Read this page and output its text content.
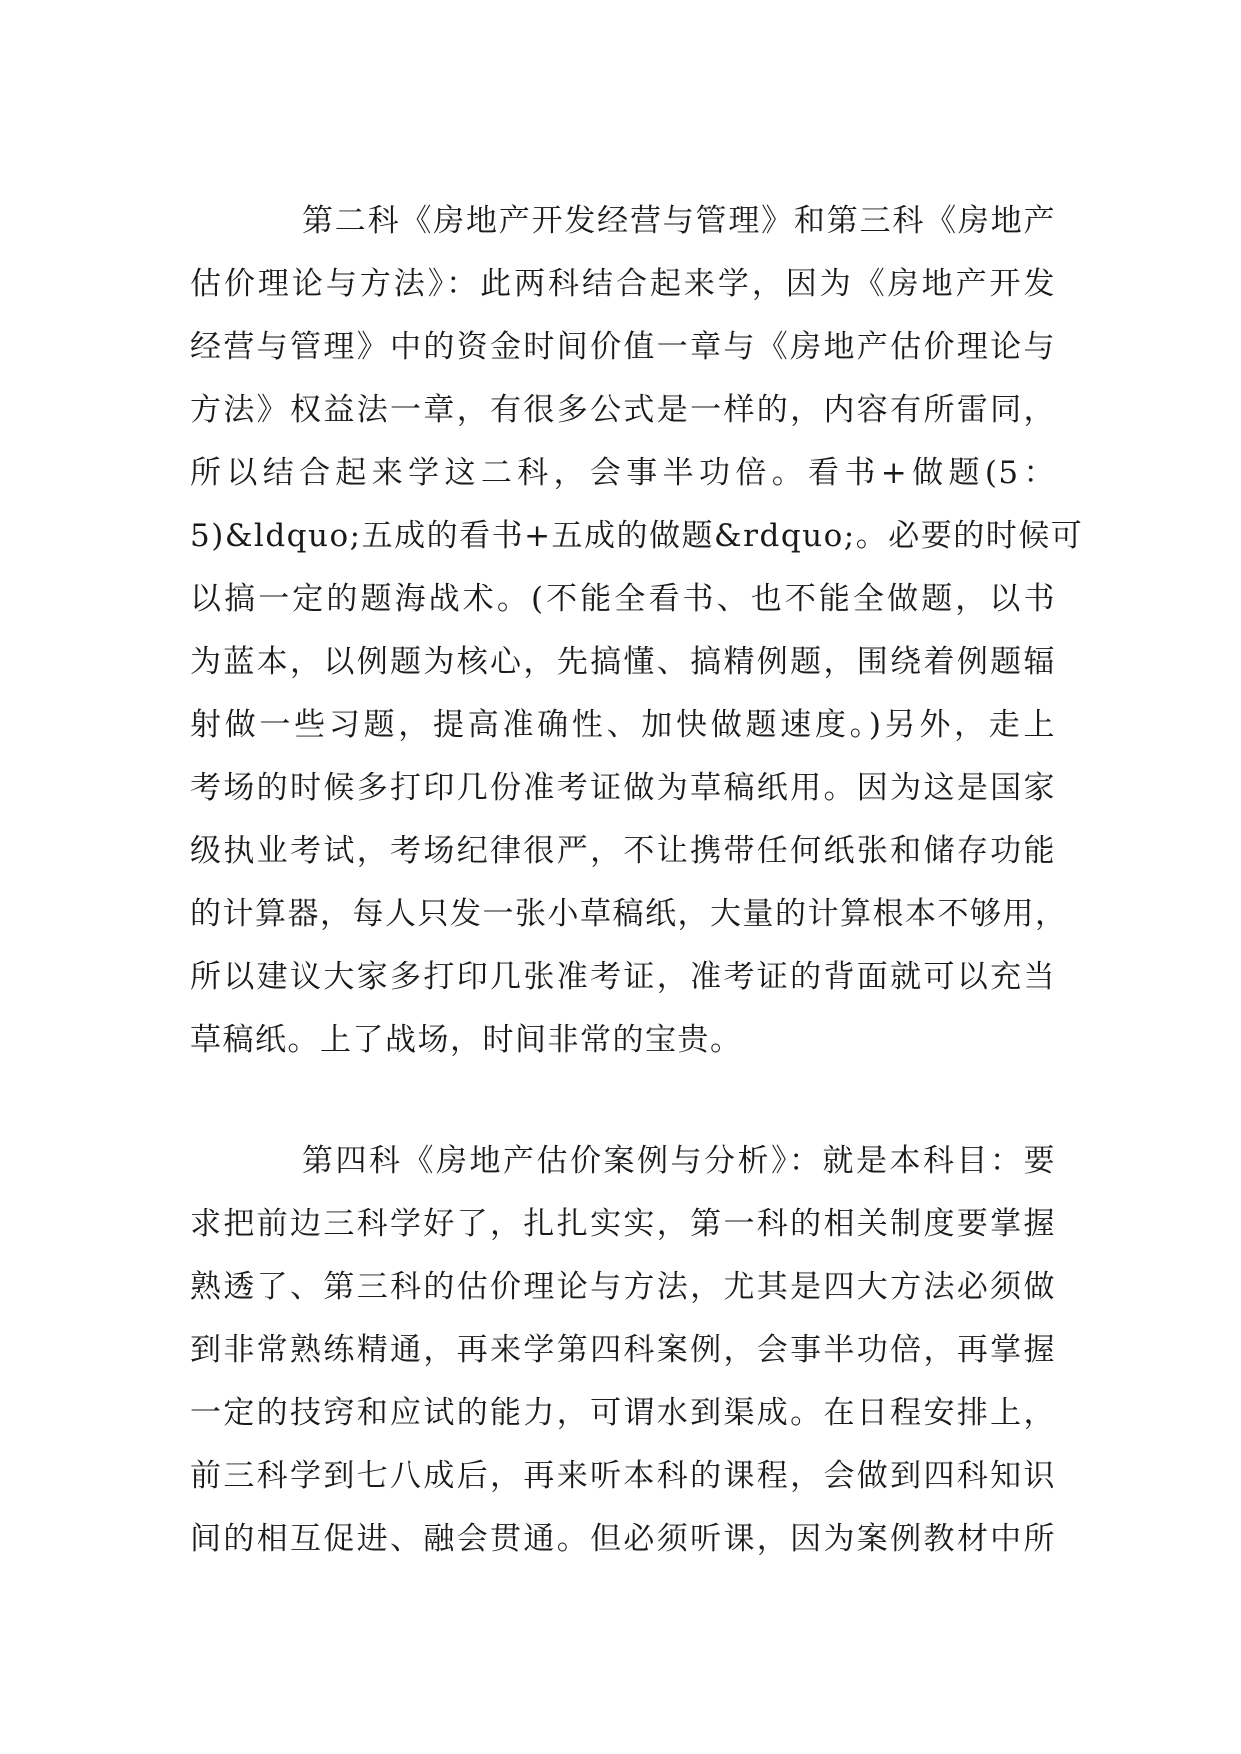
第二科《房地产开发经营与管理》和第三科《房地产
估价理论与方法》：此两科结合起来学，因为《房地产开发
经营与管理》中的资金时间价值一章与《房地产估价理论与
方法》权益法一章，有很多公式是一样的，内容有所雷同，
所以结合起来学这二科，会事半功倍。看书+做题(5：
5)&ldquo;五成的看书+五成的做题&rdquo;。必要的时候可
以搞一定的题海战术。(不能全看书、也不能全做题，以书
为蓝本，以例题为核心，先搞懂、搞精例题，围绕着例题辐
射做一些习题，提高准确性、加快做题速度。)另外，走上
考场的时候多打印几份准考证做为草稿纸用。因为这是国家
级执业考试，考场纪律很严，不让携带任何纸张和储存功能
的计算器，每人只发一张小草稿纸，大量的计算根本不够用，
所以建议大家多打印几张准考证，准考证的背面就可以充当
草稿纸。上了战场，时间非常的宝贵。
第四科《房地产估价案例与分析》：就是本科目：要
求把前边三科学好了，扎扎实实，第一科的相关制度要掌握
熟透了、第三科的估价理论与方法，尤其是四大方法必须做
到非常熟练精通，再来学第四科案例，会事半功倍，再掌握
一定的技窍和应试的能力，可谓水到渠成。在日程安排上，
前三科学到七八成后，再来听本科的课程，会做到四科知识
间的相互促进、融会贯通。但必须听课，因为案例教材中所
